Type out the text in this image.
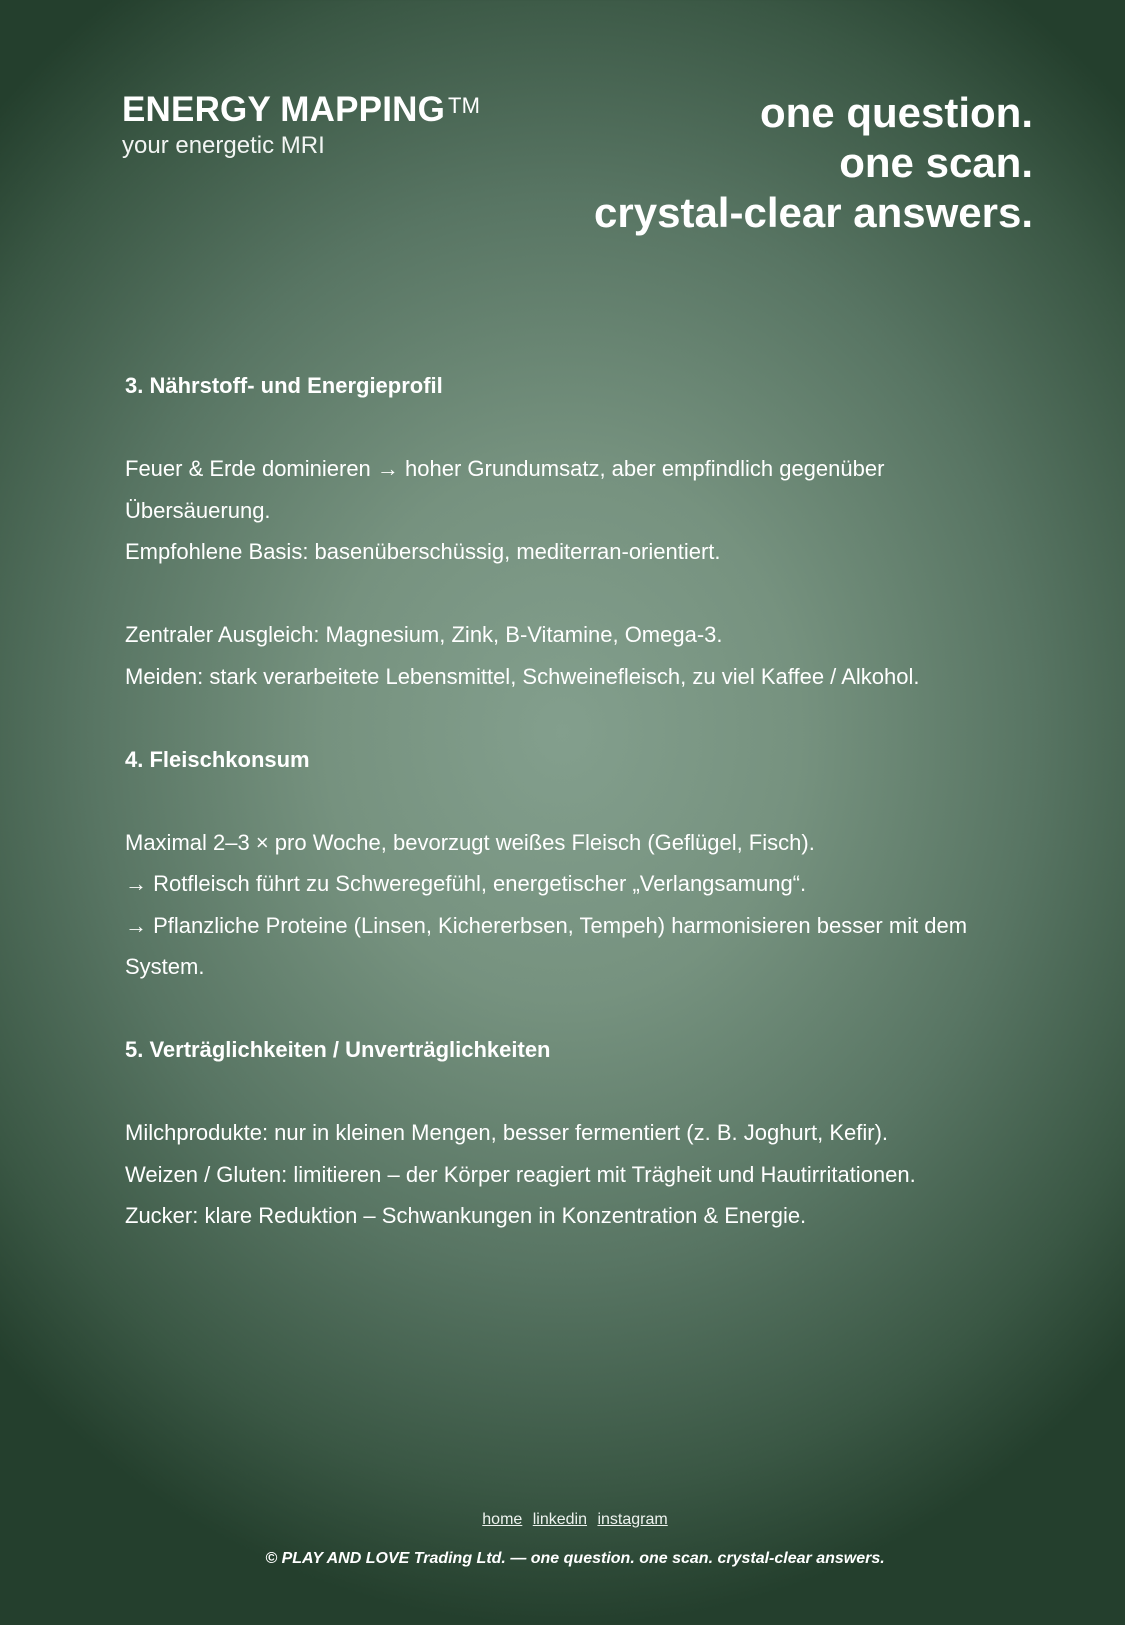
ENERGY MAPPING ™
your energetic MRI
one question.
one scan.
crystal-clear answers.
3. Nährstoff- und Energieprofil
Feuer & Erde dominieren → hoher Grundumsatz, aber empfindlich gegenüber
Übersäuerung.
Empfohlene Basis: basenüberschüssig, mediterran-orientiert.
Zentraler Ausgleich: Magnesium, Zink, B-Vitamine, Omega-3.
Meiden: stark verarbeitete Lebensmittel, Schweinefleisch, zu viel Kaffee / Alkohol.
4. Fleischkonsum
Maximal 2–3 × pro Woche, bevorzugt weißes Fleisch (Geflügel, Fisch).
→ Rotfleisch führt zu Schweregefühl, energetischer „Verlangsamung“.
→ Pflanzliche Proteine (Linsen, Kichererbsen, Tempeh) harmonisieren besser mit dem
System.
5. Verträglichkeiten / Unverträglichkeiten
Milchprodukte: nur in kleinen Mengen, besser fermentiert (z. B. Joghurt, Kefir).
Weizen / Gluten: limitieren – der Körper reagiert mit Trägheit und Hautirritationen.
Zucker: klare Reduktion – Schwankungen in Konzentration & Energie.
home linkedin instagram
© PLAY AND LOVE Trading Ltd. — one question. one scan. crystal-clear answers.
